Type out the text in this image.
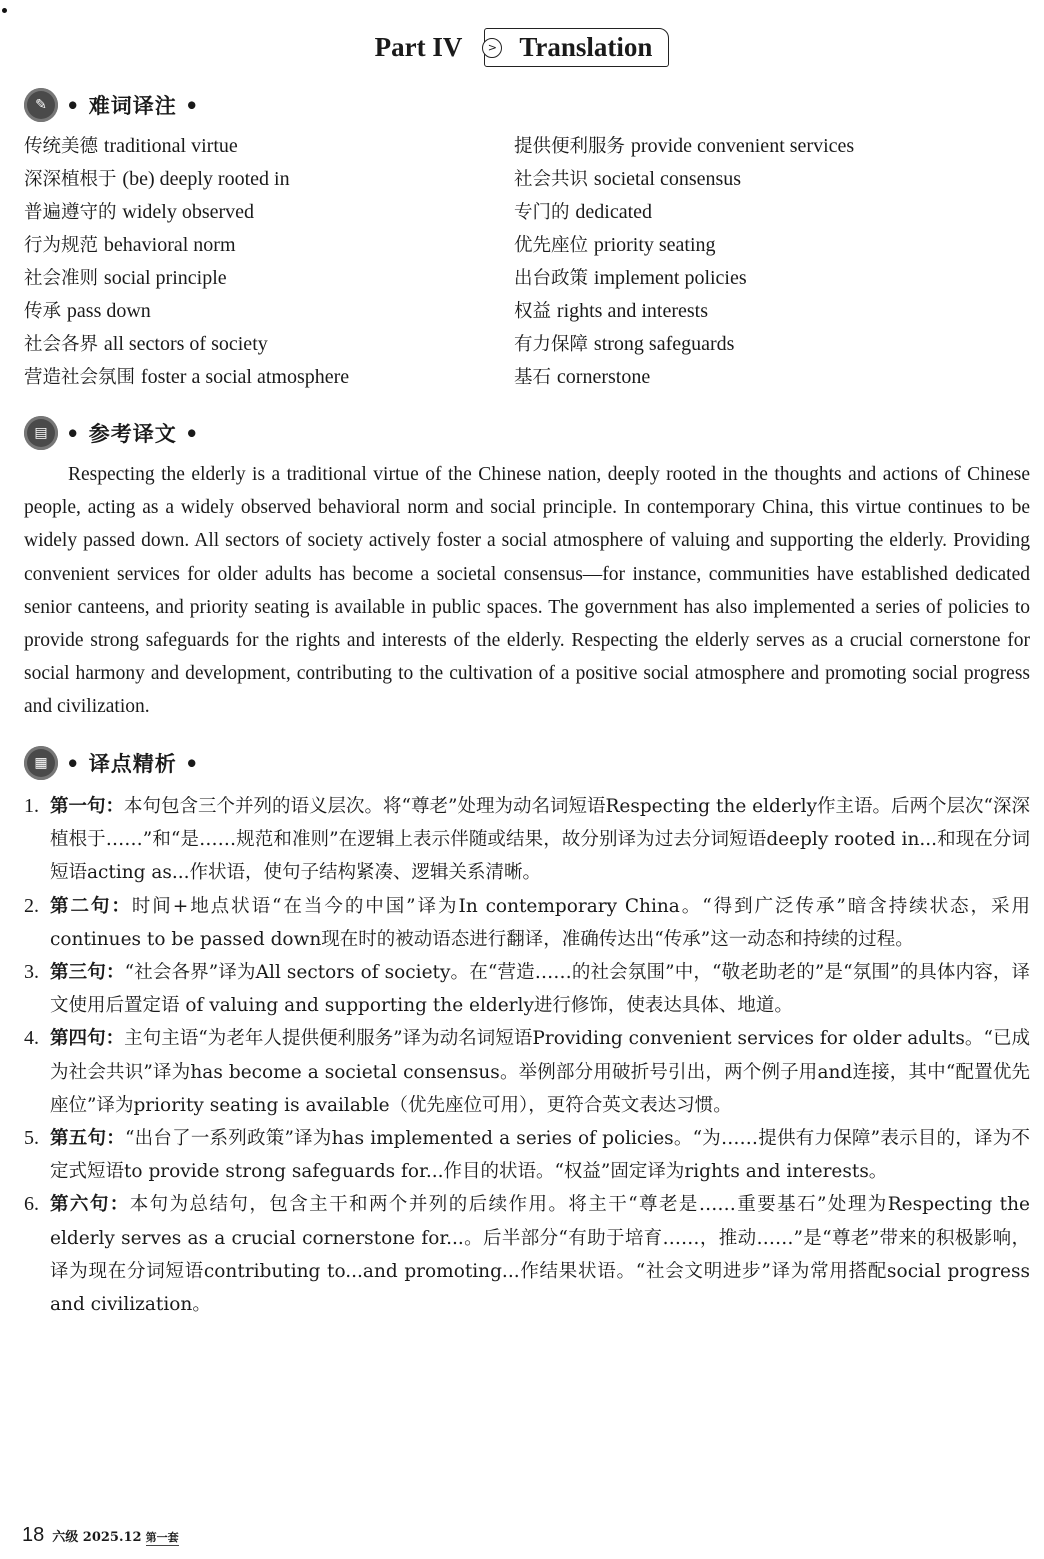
Part IV	> Translation
✎ • 难词译注 •
传统美德 traditional virtue
深深植根于 (be) deeply rooted in
普遍遵守的 widely observed
行为规范 behavioral norm
社会准则 social principle
传承 pass down
社会各界 all sectors of society
营造社会氛围 foster a social atmosphere
提供便利服务 provide convenient services
社会共识 societal consensus
专门的 dedicated
优先座位 priority seating
出台政策 implement policies
权益 rights and interests
有力保障 strong safeguards
基石 cornerstone
▤ • 参考译文 •

Respecting the elderly is a traditional virtue of the Chinese nation, deeply rooted in the thoughts and actions of Chinese people, acting as a widely observed behavioral norm and social principle. In contemporary China, this virtue continues to be widely passed down. All sectors of society actively foster a social atmosphere of valuing and supporting the elderly. Providing convenient services for older adults has become a societal consensus—for instance, communities have established dedicated senior canteens, and priority seating is available in public spaces. The government has also implemented a series of policies to provide strong safeguards for the rights and interests of the elderly. Respecting the elderly serves as a crucial cornerstone for social harmony and development, contributing to the cultivation of a positive social atmosphere and promoting social progress and civilization.

▦ • 译点精析 •
1. 第一句：本句包含三个并列的语义层次。将“尊老”处理为动名词短语Respecting the elderly作主语。后两个层次“深深植根于……”和“是……规范和准则”在逻辑上表示伴随或结果，故分别译为过去分词短语deeply rooted in...和现在分词短语acting as...作状语，使句子结构紧凑、逻辑关系清晰。
2. 第二句：时间+地点状语“在当今的中国”译为In contemporary China。“得到广泛传承”暗含持续状态，采用continues to be passed down现在时的被动语态进行翻译，准确传达出“传承”这一动态和持续的过程。
3. 第三句：“社会各界”译为All sectors of society。在“营造……的社会氛围”中，“敬老助老的”是“氛围”的具体内容，译文使用后置定语 of valuing and supporting the elderly进行修饰，使表达具体、地道。
4. 第四句：主句主语“为老年人提供便利服务”译为动名词短语Providing convenient services for older adults。“已成为社会共识”译为has become a societal consensus。举例部分用破折号引出，两个例子用and连接，其中“配置优先座位”译为priority seating is available（优先座位可用），更符合英文表达习惯。
5. 第五句：“出台了一系列政策”译为has implemented a series of policies。“为……提供有力保障”表示目的，译为不定式短语to provide strong safeguards for...作目的状语。“权益”固定译为rights and interests。
6. 第六句：本句为总结句，包含主干和两个并列的后续作用。将主干“尊老是……重要基石”处理为Respecting the elderly serves as a crucial cornerstone for...。后半部分“有助于培育……，推动……”是“尊老”带来的积极影响，译为现在分词短语contributing to...and promoting...作结果状语。“社会文明进步”译为常用搭配social progress and civilization。
18 六级 2025.12 第一套
